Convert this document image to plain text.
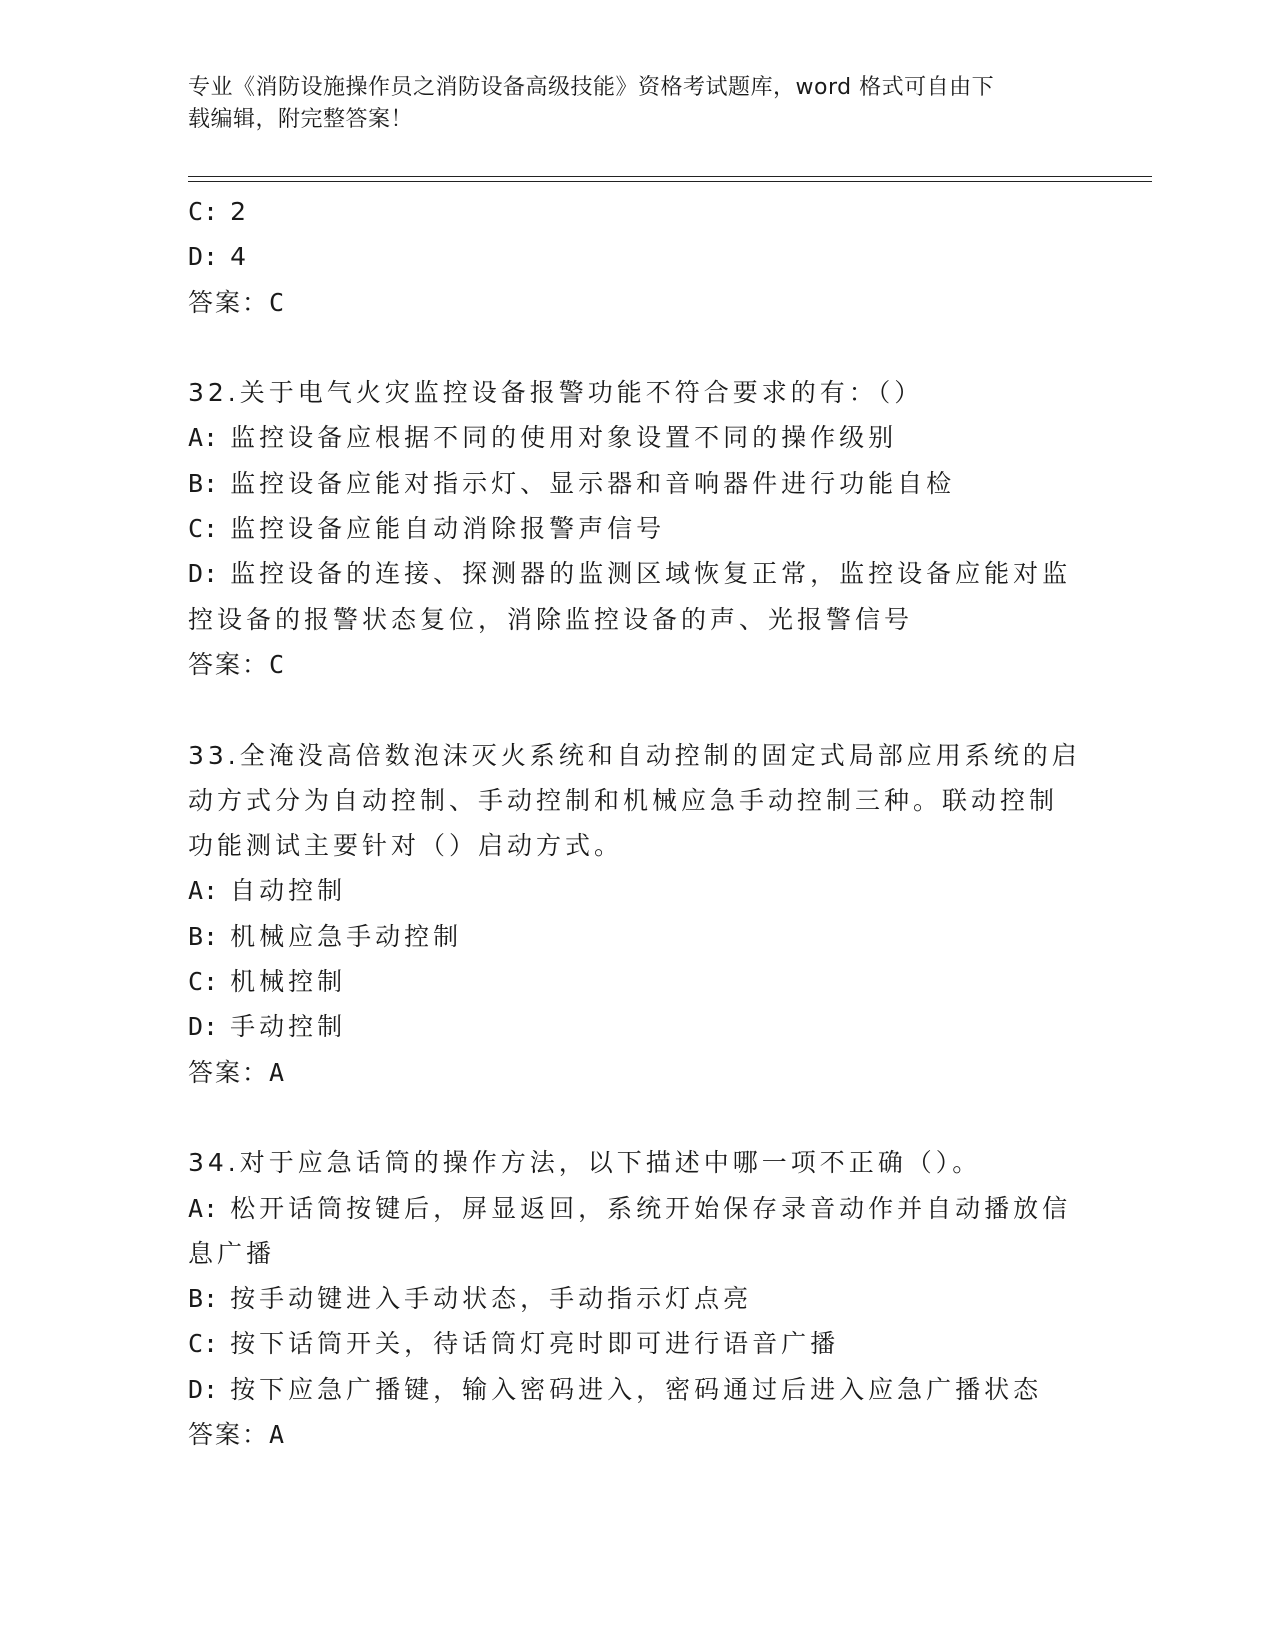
专业《消防设施操作员之消防设备高级技能》资格考试题库，word 格式可自由下
载编辑，附完整答案！
C: 2
D: 4
答案：C
32.关于电气火灾监控设备报警功能不符合要求的有：（）
A: 监控设备应根据不同的使用对象设置不同的操作级别
B: 监控设备应能对指示灯、显示器和音响器件进行功能自检
C: 监控设备应能自动消除报警声信号
D: 监控设备的连接、探测器的监测区域恢复正常，监控设备应能对监
控设备的报警状态复位，消除监控设备的声、光报警信号
答案：C
33.全淹没高倍数泡沫灭火系统和自动控制的固定式局部应用系统的启
动方式分为自动控制、手动控制和机械应急手动控制三种。联动控制
功能测试主要针对（）启动方式。
A: 自动控制
B: 机械应急手动控制
C: 机械控制
D: 手动控制
答案：A
34.对于应急话筒的操作方法，以下描述中哪一项不正确（）。
A: 松开话筒按键后，屏显返回，系统开始保存录音动作并自动播放信
息广播
B: 按手动键进入手动状态，手动指示灯点亮
C: 按下话筒开关，待话筒灯亮时即可进行语音广播
D: 按下应急广播键，输入密码进入，密码通过后进入应急广播状态
答案：A
